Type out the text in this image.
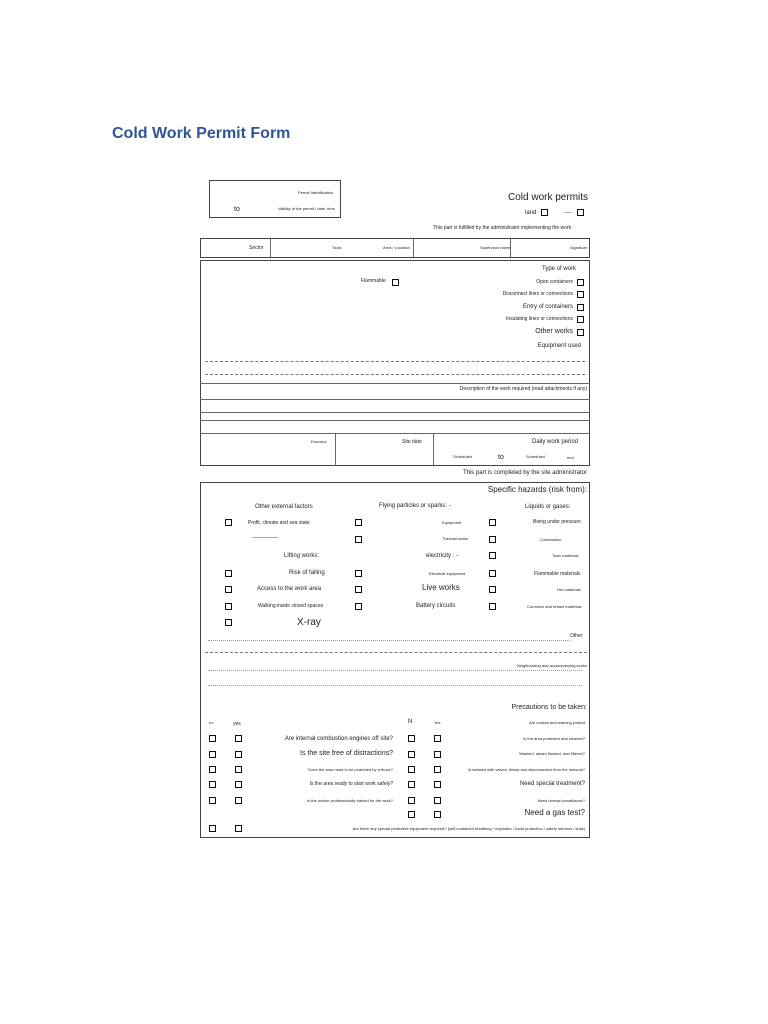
Cold Work Permit Form
Permit Identification
to	Validity of the permit / date, time
Cold work permits
land	----
This part is fulfilled by the administrator implementing the work
Sector	Tools	Area / Location	Supervisor name	Signature
Flammable
Type of work
Open containers
Disconnect lines or connections
Entry of containers
Insulating lines or connections
Other works
Equipment used
Description of the work required (read attachments if any)
Executor	Site date	Daily work period
Scheduled	to	Scheduled	end
This part is completed by the site administrator
Specific hazards (risk from):
Other external factors	Flying particles or sparks: -	Liquids or gases:
Profit, climate and sea state	Equipment	Being under pressure
-------------	Thermal works	Combustion
Lifting works:	electricity : -	Toxic materials
Risk of falling	Electrical equipment	Flammable materials
Access to the work area	Live works	Hot materials
Walking inside closed spaces	Battery circuits	Corrosive and irritant materials
X-ray
Other
Neighbouring and accompanying works
Precautions to be taken:
no	yes	N	Yes	Are notices and warning posted
Are internal combustion engines off site?	Is the area protected and cleaned?
Is the site free of distractions?	Washed, steam flushed, and filtered?
Does the area need to be protected by a fence?	Is isolated with valves, blinds and disconnected from the network?
Is the area ready to start work safely?	Need special treatment?
Is the worker professionally trained for the work?	Need normal surveillance?
Need a gas test?
Are there any special protective equipment required? (self-contained breathing / respirator / hand protection / safety harness / suits)
